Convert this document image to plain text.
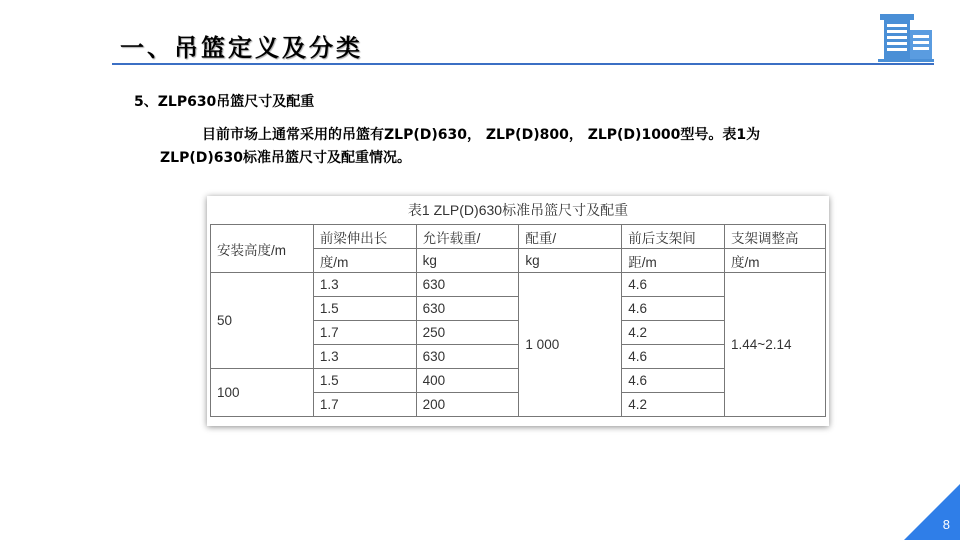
一、吊篮定义及分类
5、ZLP630吊篮尺寸及配重
目前市场上通常采用的吊篮有ZLP(D)630， ZLP(D)800， ZLP(D)1000型号。表1为
ZLP(D)630标准吊篮尺寸及配重情况。
表1 ZLP(D)630标准吊篮尺寸及配重
安装高度/m	前梁伸出长	允许载重/	配重/	前后支架间	支架调整高
	度/m	kg	kg	距/m	度/m
50	1.3	630	1 000	4.6	1.44~2.14
	1.5	630		4.6	
	1.7	250		4.2	
	1.3	630		4.6	
100	1.5	400		4.6	
	1.7	200		4.2	
8
